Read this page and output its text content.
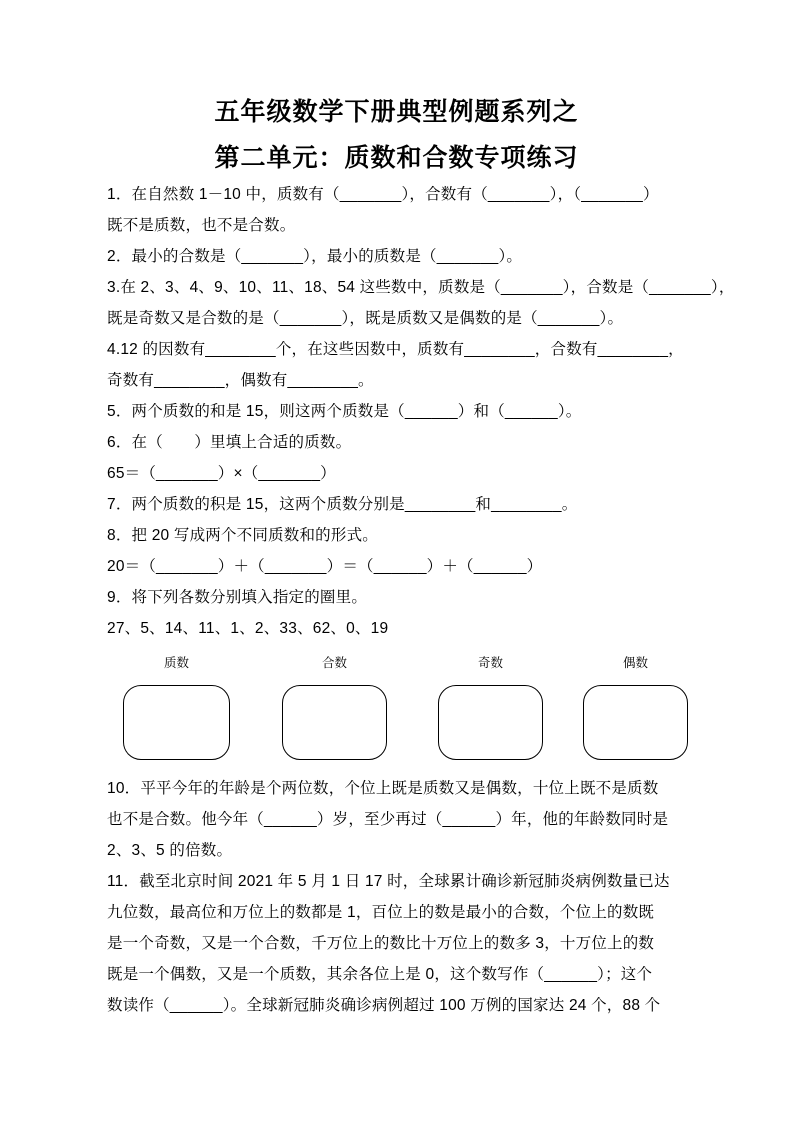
五年级数学下册典型例题系列之
第二单元：质数和合数专项练习

1．在自然数 1－10 中，质数有（_______），合数有（_______），（_______）

既不是质数，也不是合数。

2．最小的合数是（_______），最小的质数是（_______）。

3.在 2、3、4、9、10、11、18、54 这些数中，质数是（_______），合数是（_______），

既是奇数又是合数的是（_______），既是质数又是偶数的是（_______）。

4.12 的因数有________个，在这些因数中，质数有________，合数有________，

奇数有________，偶数有________。

5．两个质数的和是 15，则这两个质数是（______）和（______）。

6．在（　　）里填上合适的质数。

65＝（_______）×（_______）

7．两个质数的积是 15，这两个质数分别是________和________。

8．把 20 写成两个不同质数和的形式。

20＝（_______）＋（_______）＝（______）＋（______）

9．将下列各数分别填入指定的圈里。

27、5、14、11、1、2、33、62、0、19

质数	合数	奇数	偶数

10．平平今年的年龄是个两位数，个位上既是质数又是偶数，十位上既不是质数

也不是合数。他今年（______）岁，至少再过（______）年，他的年龄数同时是

2、3、5 的倍数。

11．截至北京时间 2021 年 5 月 1 日 17 时，全球累计确诊新冠肺炎病例数量已达

九位数，最高位和万位上的数都是 1，百位上的数是最小的合数，个位上的数既

是一个奇数，又是一个合数，千万位上的数比十万位上的数多 3，十万位上的数

既是一个偶数，又是一个质数，其余各位上是 0，这个数写作（______）；这个

数读作（______）。全球新冠肺炎确诊病例超过 100 万例的国家达 24 个，88 个
